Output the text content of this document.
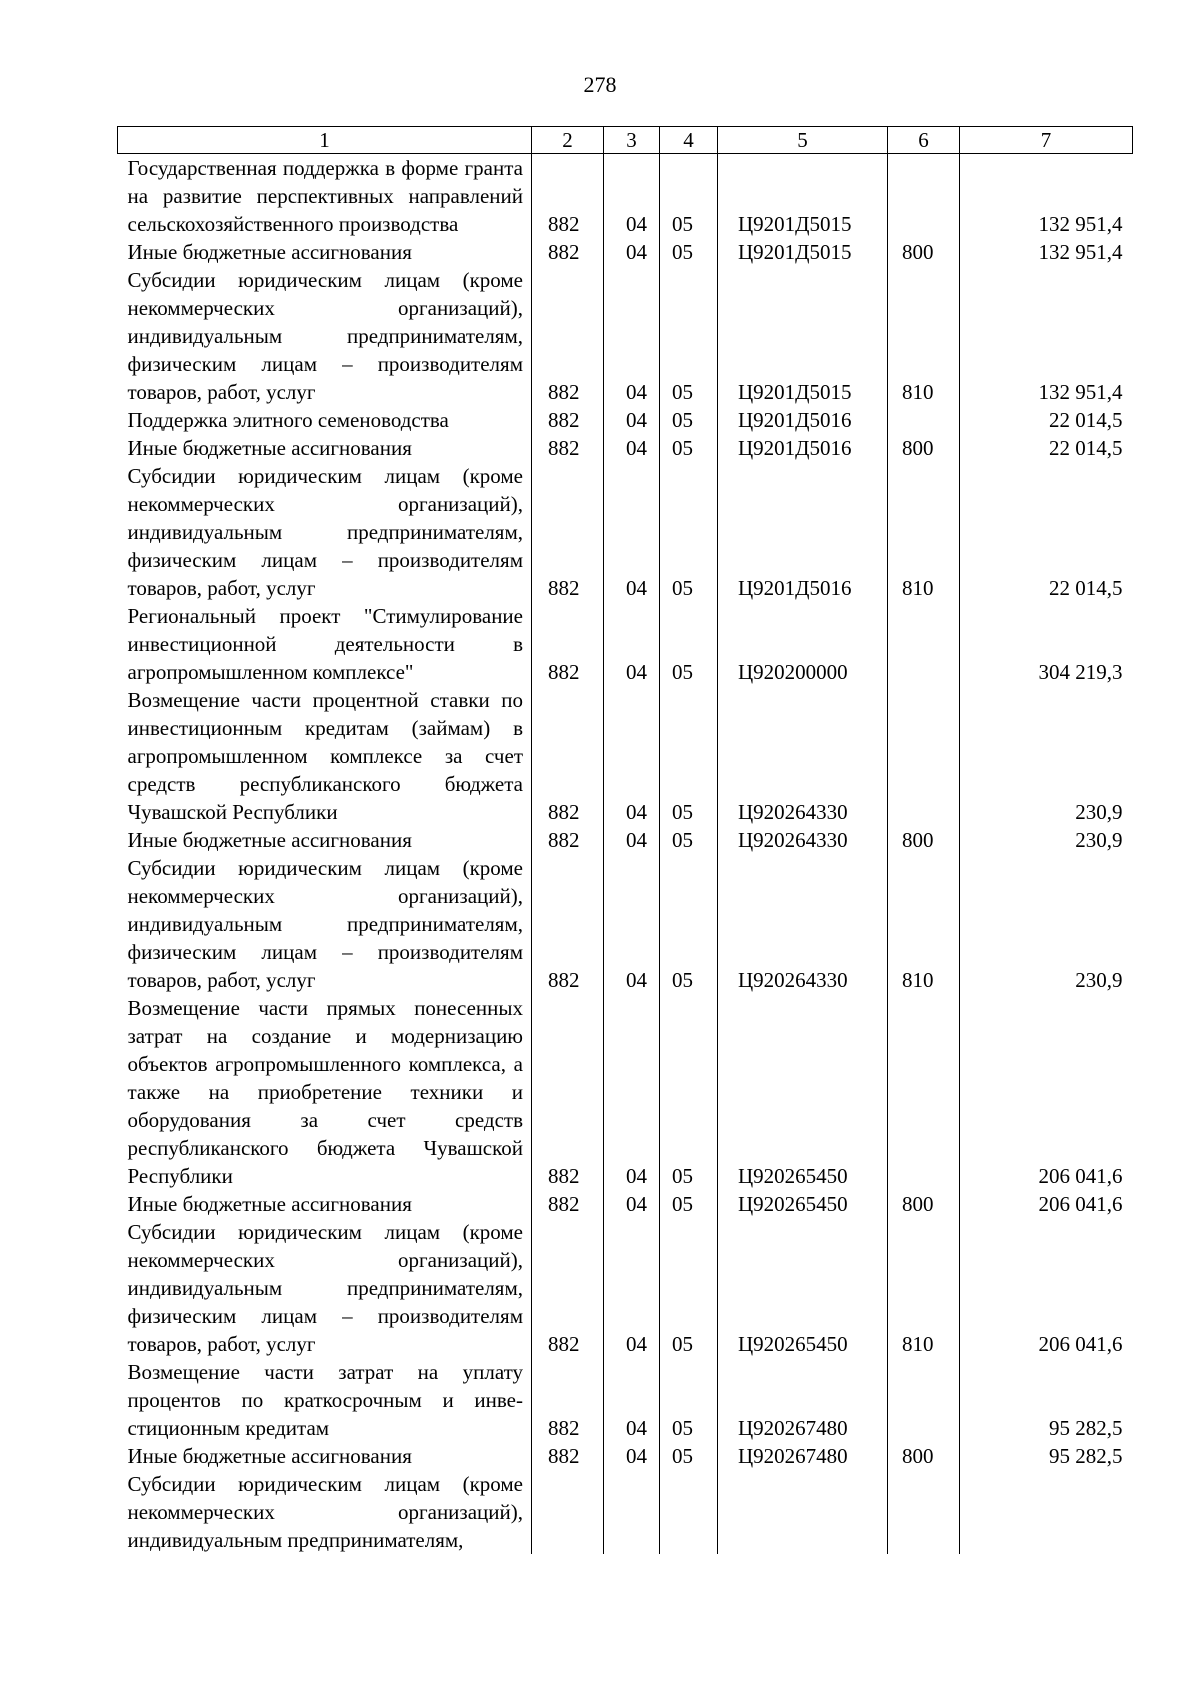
278
1	2	3	4	5	6	7
Государственная поддержка в форме гранта на развитие перспективных направлений сельскохозяйственного производства	882	04	05	Ц9201Д5015		132 951,4
Иные бюджетные ассигнования	882	04	05	Ц9201Д5015	800	132 951,4
Субсидии юридическим лицам (кроме некоммерческих организаций), индивидуальным предпринимателям, физическим лицам – производителям товаров, работ, услуг	882	04	05	Ц9201Д5015	810	132 951,4
Поддержка элитного семеноводства	882	04	05	Ц9201Д5016		22 014,5
Иные бюджетные ассигнования	882	04	05	Ц9201Д5016	800	22 014,5
Субсидии юридическим лицам (кроме некоммерческих организаций), индивидуальным предпринимателям, физическим лицам – производителям товаров, работ, услуг	882	04	05	Ц9201Д5016	810	22 014,5
Региональный проект "Стимулирование инвестиционной деятельности в агропромышленном комплексе"	882	04	05	Ц920200000		304 219,3
Возмещение части процентной ставки по инвестиционным кредитам (займам) в агропромышленном комплексе за счет средств республиканского бюджета Чувашской Республики	882	04	05	Ц920264330		230,9
Иные бюджетные ассигнования	882	04	05	Ц920264330	800	230,9
Субсидии юридическим лицам (кроме некоммерческих организаций), индивидуальным предпринимателям, физическим лицам – производителям товаров, работ, услуг	882	04	05	Ц920264330	810	230,9
Возмещение части прямых понесенных затрат на создание и модернизацию объектов агропромышленного комплекса, а также на приобретение техники и оборудования за счет средств республиканского бюджета Чувашской Республики	882	04	05	Ц920265450		206 041,6
Иные бюджетные ассигнования	882	04	05	Ц920265450	800	206 041,6
Субсидии юридическим лицам (кроме некоммерческих организаций), индивидуальным предпринимателям, физическим лицам – производителям товаров, работ, услуг	882	04	05	Ц920265450	810	206 041,6
Возмещение части затрат на уплату процентов по краткосрочным и инвестиционным кредитам	882	04	05	Ц920267480		95 282,5
Иные бюджетные ассигнования	882	04	05	Ц920267480	800	95 282,5
Субсидии юридическим лицам (кроме некоммерческих организаций), индивидуальным предпринимателям,						
